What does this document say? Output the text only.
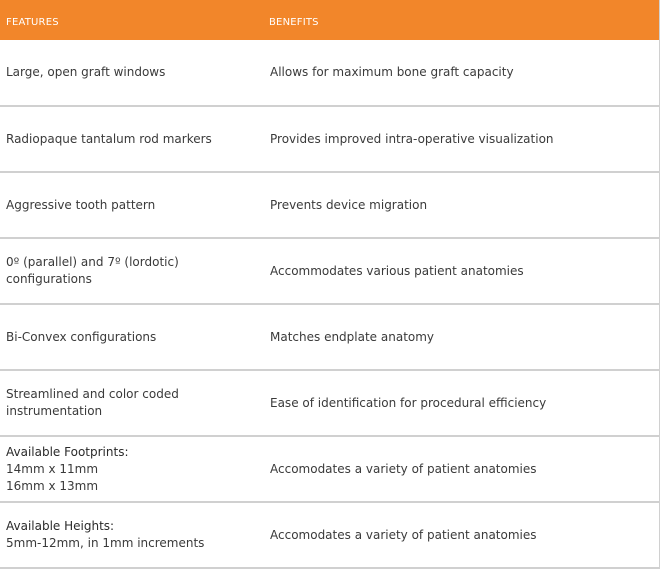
FEATURES	BENEFITS

Large, open graft windows	Allows for maximum bone graft capacity

Radiopaque tantalum rod markers	Provides improved intra-operative visualization

Aggressive tooth pattern	Prevents device migration

0º (parallel) and 7º (lordotic)
configurations	Accommodates various patient anatomies

Bi-Convex configurations	Matches endplate anatomy

Streamlined and color coded
instrumentation	Ease of identification for procedural efficiency

Available Footprints:
14mm x 11mm
16mm x 13mm	Accomodates a variety of patient anatomies

Available Heights:
5mm-12mm, in 1mm increments	Accomodates a variety of patient anatomies
